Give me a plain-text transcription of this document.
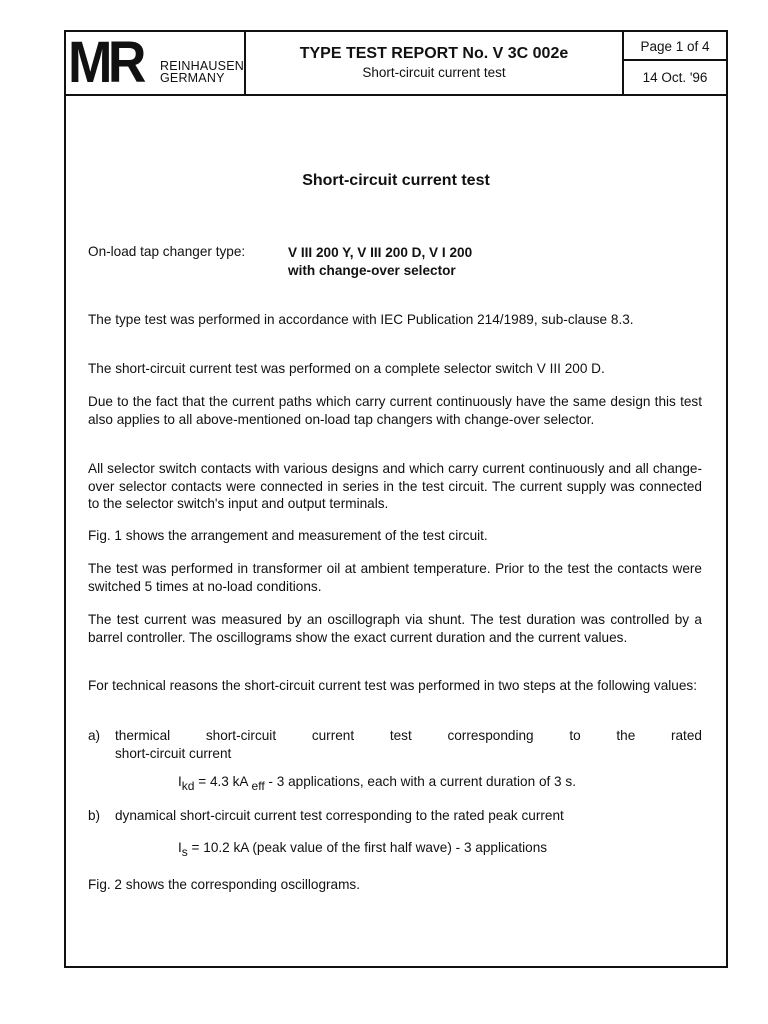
MR REINHAUSEN
GERMANY
TYPE TEST REPORT No. V 3C 002e
Short-circuit current test
Page 1 of 4
14 Oct. '96
Short-circuit current test
On-load tap changer type:	V III 200 Y, V III 200 D, V I 200
with change-over selector
The type test was performed in accordance with IEC Publication 214/1989, sub-clause 8.3.
The short-circuit current test was performed on a complete selector switch V III 200 D.
Due to the fact that the current paths which carry current continuously have the same design this test also applies to all above-mentioned on-load tap changers with change-over selector.
All selector switch contacts with various designs and which carry current continuously and all change-over selector contacts were connected in series in the test circuit. The current supply was connected to the selector switch's input and output terminals.
Fig. 1 shows the arrangement and measurement of the test circuit.
The test was performed in transformer oil at ambient temperature. Prior to the test the contacts were switched 5 times at no-load conditions.
The test current was measured by an oscillograph via shunt. The test duration was controlled by a barrel controller. The oscillograms show the exact current duration and the current values.
For technical reasons the short-circuit current test was performed in two steps at the following values:
a) thermical	short-circuit	current	test	corresponding	to	the	rated
short-circuit current
$I_{kd} = 4.3$ kA $_{eff}$ - 3 applications, each with a current duration of 3 s.
b) dynamical short-circuit current test corresponding to the rated peak current
$I_s = 10.2$ kA (peak value of the first half wave) - 3 applications
Fig. 2 shows the corresponding oscillograms.
